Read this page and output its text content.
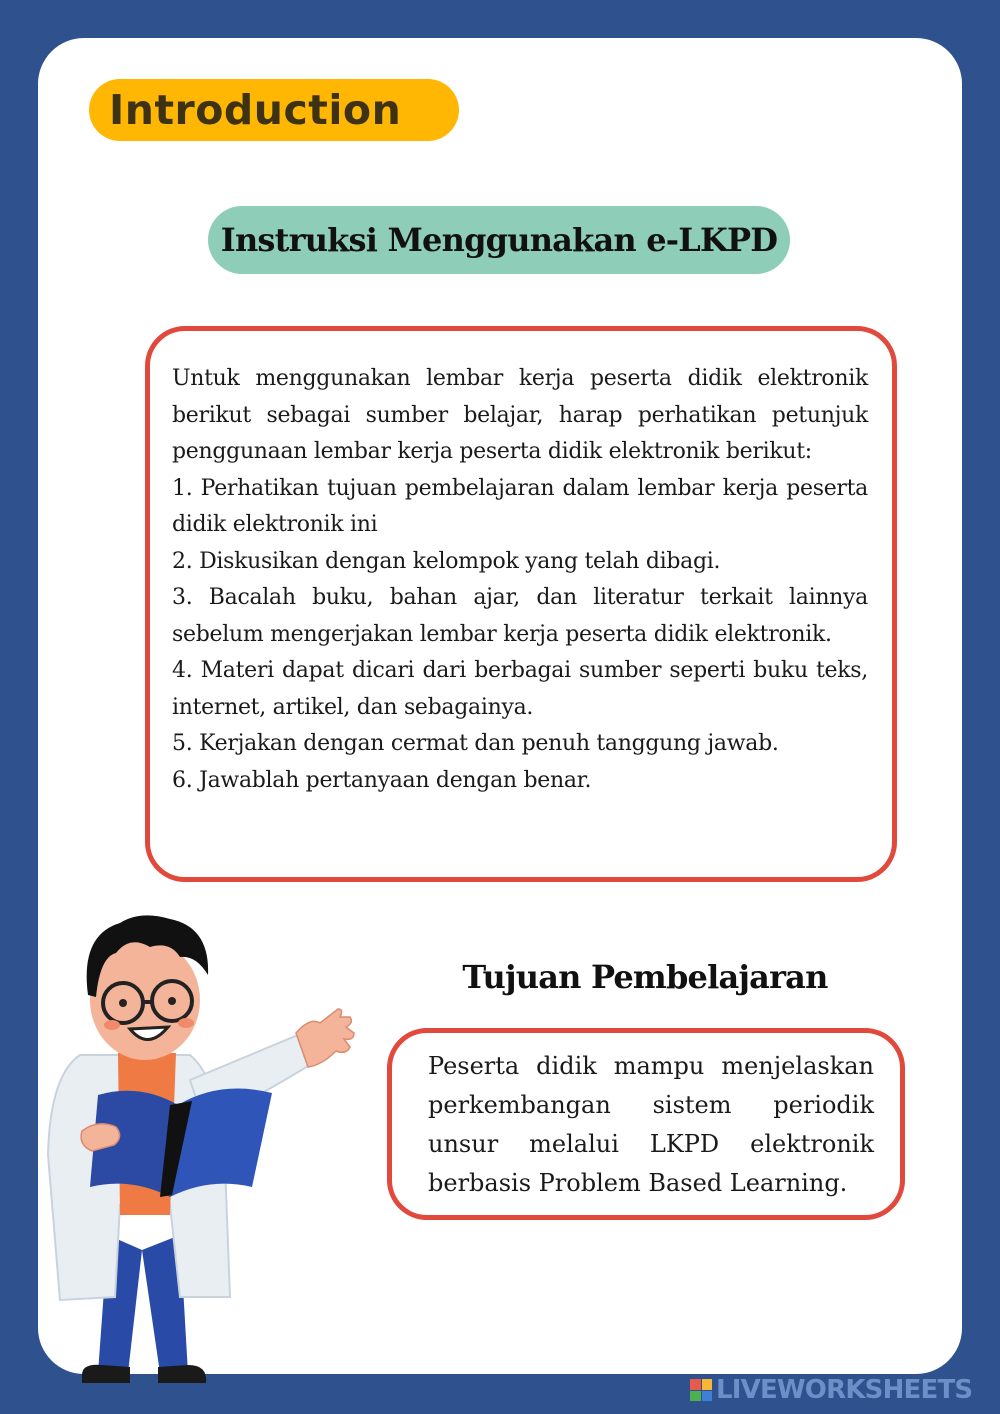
Introduction
Instruksi Menggunakan e-LKPD

Untuk menggunakan lembar kerja peserta didik elektronik berikut sebagai sumber belajar, harap perhatikan petunjuk penggunaan lembar kerja peserta didik elektronik berikut:

1. Perhatikan tujuan pembelajaran dalam lembar kerja peserta didik elektronik ini

2. Diskusikan dengan kelompok yang telah dibagi.

3. Bacalah buku, bahan ajar, dan literatur terkait lainnya sebelum mengerjakan lembar kerja peserta didik elektronik.

4. Materi dapat dicari dari berbagai sumber seperti buku teks, internet, artikel, dan sebagainya.

5. Kerjakan dengan cermat dan penuh tanggung jawab.

6. Jawablah pertanyaan dengan benar.

Tujuan Pembelajaran

Peserta didik mampu menjelaskan perkembangan sistem periodik unsur melalui LKPD elektronik berbasis Problem Based Learning.

LIVEWORKSHEETS
